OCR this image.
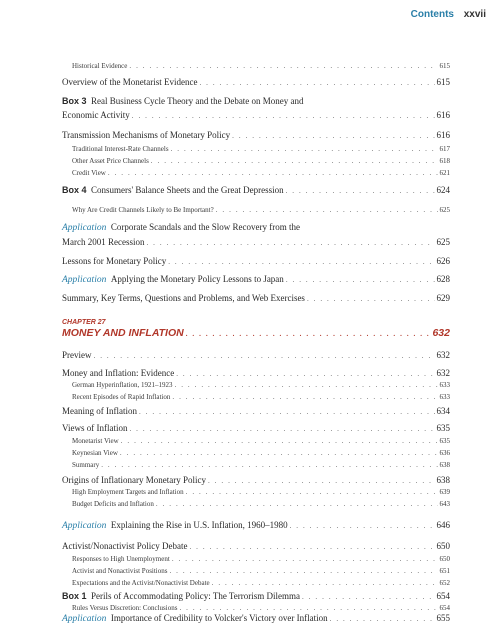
Contents xxvii
Historical Evidence . . .	615
Overview of the Monetarist Evidence . . .	615
Box 3 Real Business Cycle Theory and the Debate on Money and
Economic Activity . . .	616
Transmission Mechanisms of Monetary Policy . . .	616
Traditional Interest-Rate Channels . . .	617
Other Asset Price Channels . . .	618
Credit View . . .	621
Box 4 Consumers' Balance Sheets and the Great Depression . . .	624
Why Are Credit Channels Likely to Be Important? . . .	625
Application Corporate Scandals and the Slow Recovery from the
March 2001 Recession . . .	625
Lessons for Monetary Policy . . .	626
Application Applying the Monetary Policy Lessons to Japan . . .	628
Summary, Key Terms, Questions and Problems, and Web Exercises . . .	629
CHAPTER 27
MONEY AND INFLATION . . .	632
Preview . . .	632
Money and Inflation: Evidence . . .	632
German Hyperinflation, 1921–1923 . . .	633
Recent Episodes of Rapid Inflation . . .	633
Meaning of Inflation . . .	634
Views of Inflation . . .	635
Monetarist View . . .	635
Keynesian View . . .	636
Summary . . .	638
Origins of Inflationary Monetary Policy . . .	638
High Employment Targets and Inflation . . .	639
Budget Deficits and Inflation . . .	643
Application Explaining the Rise in U.S. Inflation, 1960–1980 . . .	646
Activist/Nonactivist Policy Debate . . .	650
Responses to High Unemployment . . .	650
Activist and Nonactivist Positions . . .	651
Expectations and the Activist/Nonactivist Debate . . .	652
Box 1 Perils of Accommodating Policy: The Terrorism Dilemma . . .	654
Rules Versus Discretion: Conclusions . . .	654
Application Importance of Credibility to Volcker's Victory over Inflation . . .	655
